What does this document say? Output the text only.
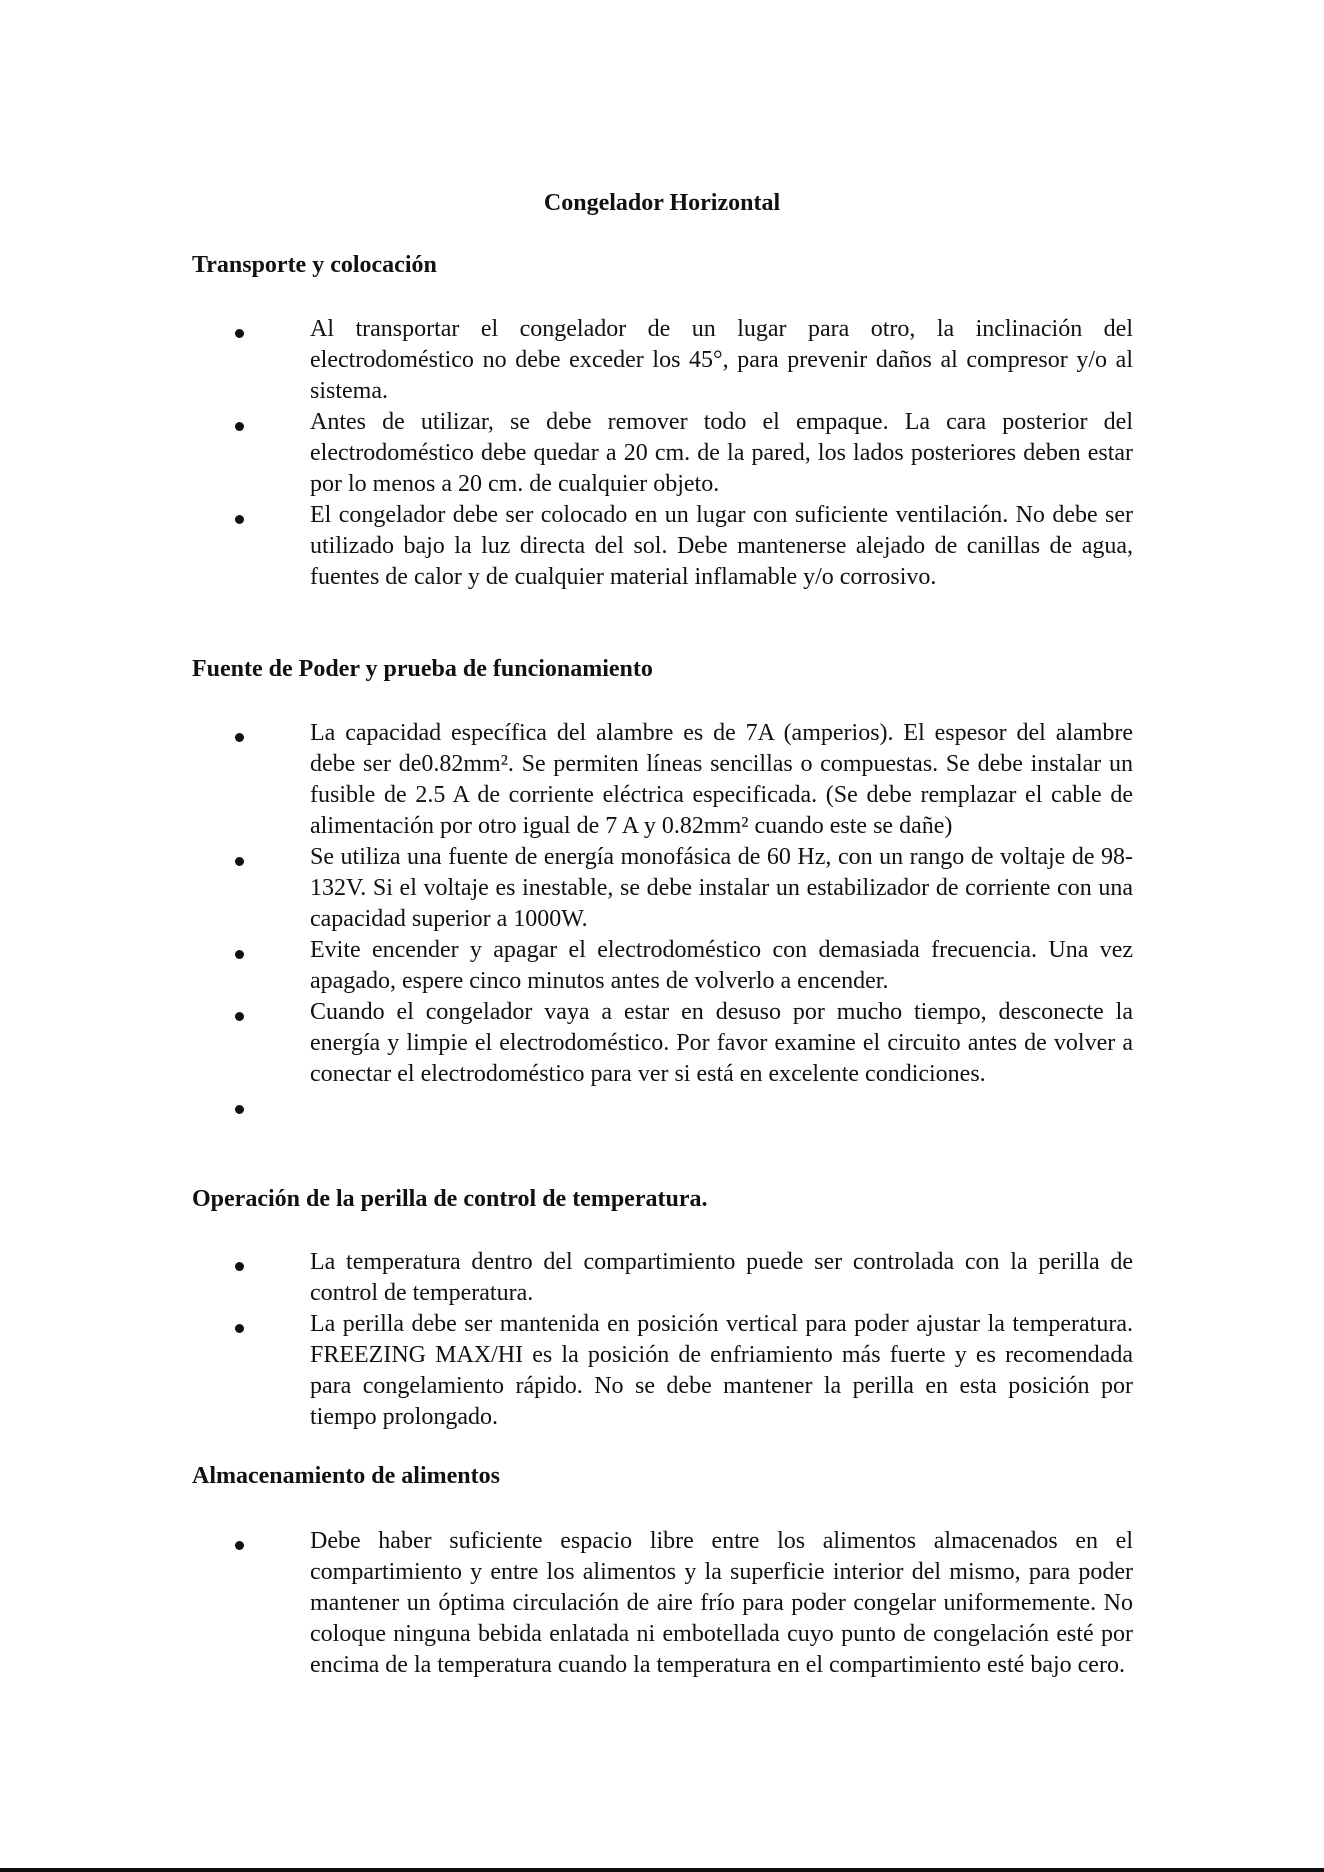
Congelador Horizontal
Transporte y colocación
Al transportar el congelador de un lugar para otro, la inclinación del electrodoméstico no debe exceder los 45°, para prevenir daños al compresor y/o al sistema.
Antes de utilizar, se debe remover todo el empaque. La cara posterior del electrodoméstico debe quedar a 20 cm. de la pared, los lados posteriores deben estar por lo menos a 20 cm. de cualquier objeto.
El congelador debe ser colocado en un lugar con suficiente ventilación. No debe ser utilizado bajo la luz directa del sol. Debe mantenerse alejado de canillas de agua, fuentes de calor y de cualquier material inflamable y/o corrosivo.
Fuente de Poder y prueba de funcionamiento
La capacidad específica del alambre es de 7A (amperios). El espesor del alambre debe ser de0.82mm². Se permiten líneas sencillas o compuestas. Se debe instalar un fusible de 2.5 A de corriente eléctrica especificada. (Se debe remplazar el cable de alimentación por otro igual de 7 A y 0.82mm² cuando este se dañe)
Se utiliza una fuente de energía monofásica de 60 Hz, con un rango de voltaje de 98-132V. Si el voltaje es inestable, se debe instalar un estabilizador de corriente con una capacidad superior a 1000W.
Evite encender y apagar el electrodoméstico con demasiada frecuencia. Una vez apagado, espere cinco minutos antes de volverlo a encender.
Cuando el congelador vaya a estar en desuso por mucho tiempo, desconecte la energía y limpie el electrodoméstico. Por favor examine el circuito antes de volver a conectar el electrodoméstico para ver si está en excelente condiciones.

Operación de la perilla de control de temperatura.
La temperatura dentro del compartimiento puede ser controlada con la perilla de control de temperatura.
La perilla debe ser mantenida en posición vertical para poder ajustar la temperatura. FREEZING MAX/HI es la posición de enfriamiento más fuerte y es recomendada para congelamiento rápido. No se debe mantener la perilla en esta posición por tiempo prolongado.
Almacenamiento de alimentos
Debe haber suficiente espacio libre entre los alimentos almacenados en el compartimiento y entre los alimentos y la superficie interior del mismo, para poder mantener un óptima circulación de aire frío para poder congelar uniformemente. No coloque ninguna bebida enlatada ni embotellada cuyo punto de congelación esté por encima de la temperatura cuando la temperatura en el compartimiento esté bajo cero.
